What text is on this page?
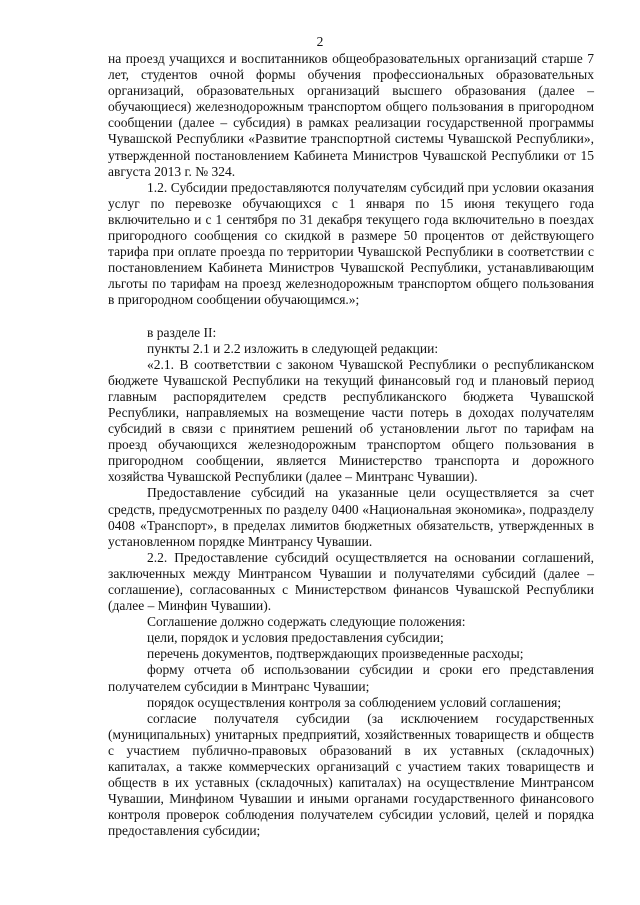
2

на проезд учащихся и воспитанников общеобразовательных организаций старше 7 лет, студентов очной формы обучения профессиональных образовательных организаций, образовательных организаций высшего образования (далее – обучающиеся) железнодорожным транспортом общего пользования в пригородном сообщении (далее – субсидия) в рамках реализации государственной программы Чувашской Республики «Развитие транспортной системы Чувашской Республики», утвержденной постановлением Кабинета Министров Чувашской Республики от 15 августа 2013 г. № 324.

1.2. Субсидии предоставляются получателям субсидий при условии оказания услуг по перевозке обучающихся с 1 января по 15 июня текущего года включительно и с 1 сентября по 31 декабря текущего года включительно в поездах пригородного сообщения со скидкой в размере 50 процентов от действующего тарифа при оплате проезда по территории Чувашской Республики в соответствии с постановлением Кабинета Министров Чувашской Республики, устанавливающим льготы по тарифам на проезд железнодорожным транспортом общего пользования в пригородном сообщении обучающимся.»;

в разделе II:

пункты 2.1 и 2.2 изложить в следующей редакции:

«2.1. В соответствии с законом Чувашской Республики о республиканском бюджете Чувашской Республики на текущий финансовый год и плановый период главным распорядителем средств республиканского бюджета Чувашской Республики, направляемых на возмещение части потерь в доходах получателям субсидий в связи с принятием решений об установлении льгот по тарифам на проезд обучающихся железнодорожным транспортом общего пользования в пригородном сообщении, является Министерство транспорта и дорожного хозяйства Чувашской Республики (далее – Минтранс Чувашии).

Предоставление субсидий на указанные цели осуществляется за счет средств, предусмотренных по разделу 0400 «Национальная экономика», подразделу 0408 «Транспорт», в пределах лимитов бюджетных обязательств, утвержденных в установленном порядке Минтрансу Чувашии.

2.2. Предоставление субсидий осуществляется на основании соглашений, заключенных между Минтрансом Чувашии и получателями субсидий (далее – соглашение), согласованных с Министерством финансов Чувашской Республики (далее – Минфин Чувашии).

Соглашение должно содержать следующие положения:

цели, порядок и условия предоставления субсидии;

перечень документов, подтверждающих произведенные расходы;

форму отчета об использовании субсидии и сроки его представления получателем субсидии в Минтранс Чувашии;

порядок осуществления контроля за соблюдением условий соглашения;

согласие получателя субсидии (за исключением государственных (муниципальных) унитарных предприятий, хозяйственных товариществ и обществ с участием публично-правовых образований в их уставных (складочных) капиталах, а также коммерческих организаций с участием таких товариществ и обществ в их уставных (складочных) капиталах) на осуществление Минтрансом Чувашии, Минфином Чувашии и иными органами государственного финансового контроля проверок соблюдения получателем субсидии условий, целей и порядка предоставления субсидии;
